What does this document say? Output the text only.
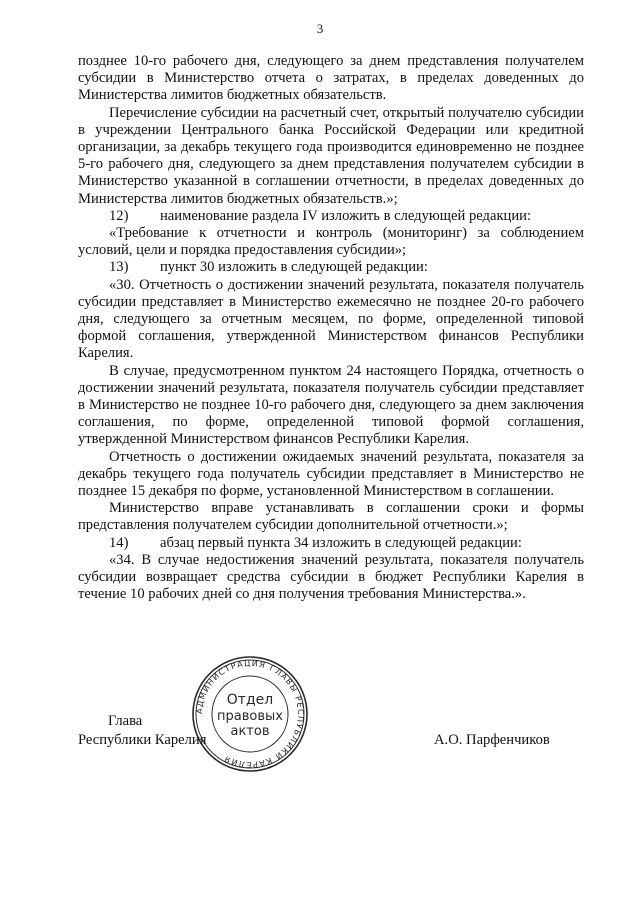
3

позднее 10-го рабочего дня, следующего за днем представления получателем субсидии в Министерство отчета о затратах, в пределах доведенных до Министерства лимитов бюджетных обязательств.

Перечисление субсидии на расчетный счет, открытый получателю субсидии в учреждении Центрального банка Российской Федерации или кредитной организации, за декабрь текущего года производится единовременно не позднее 5-го рабочего дня, следующего за днем представления получателем субсидии в Министерство указанной в соглашении отчетности, в пределах доведенных до Министерства лимитов бюджетных обязательств.»;

12)	наименование раздела IV изложить в следующей редакции:

«Требование к отчетности и контроль (мониторинг) за соблюдением условий, цели и порядка предоставления субсидии»;

13)	пункт 30 изложить в следующей редакции:

«30. Отчетность о достижении значений результата, показателя получатель субсидии представляет в Министерство ежемесячно не позднее 20-го рабочего дня, следующего за отчетным месяцем, по форме, определенной типовой формой соглашения, утвержденной Министерством финансов Республики Карелия.

В случае, предусмотренном пунктом 24 настоящего Порядка, отчетность о достижении значений результата, показателя получатель субсидии представляет в Министерство не позднее 10-го рабочего дня, следующего за днем заключения соглашения, по форме, определенной типовой формой соглашения, утвержденной Министерством финансов Республики Карелия.

Отчетность о достижении ожидаемых значений результата, показателя за декабрь текущего года получатель субсидии представляет в Министерство не позднее 15 декабря по форме, установленной Министерством в соглашении.

Министерство вправе устанавливать в соглашении сроки и формы представления получателем субсидии дополнительной отчетности.»;

14)	абзац первый пункта 34 изложить в следующей редакции:

«34. В случае недостижения значений результата, показателя получатель субсидии возвращает средства субсидии в бюджет Республики Карелия в течение 10 рабочих дней со дня получения требования Министерства.».

АДМИНИСТРАЦИЯ ГЛАВЫ РЕСПУБЛИКИ КАРЕЛИЯ
Отдел
правовых
актов
Глава
Республики Карелия	А.О. Парфенчиков
